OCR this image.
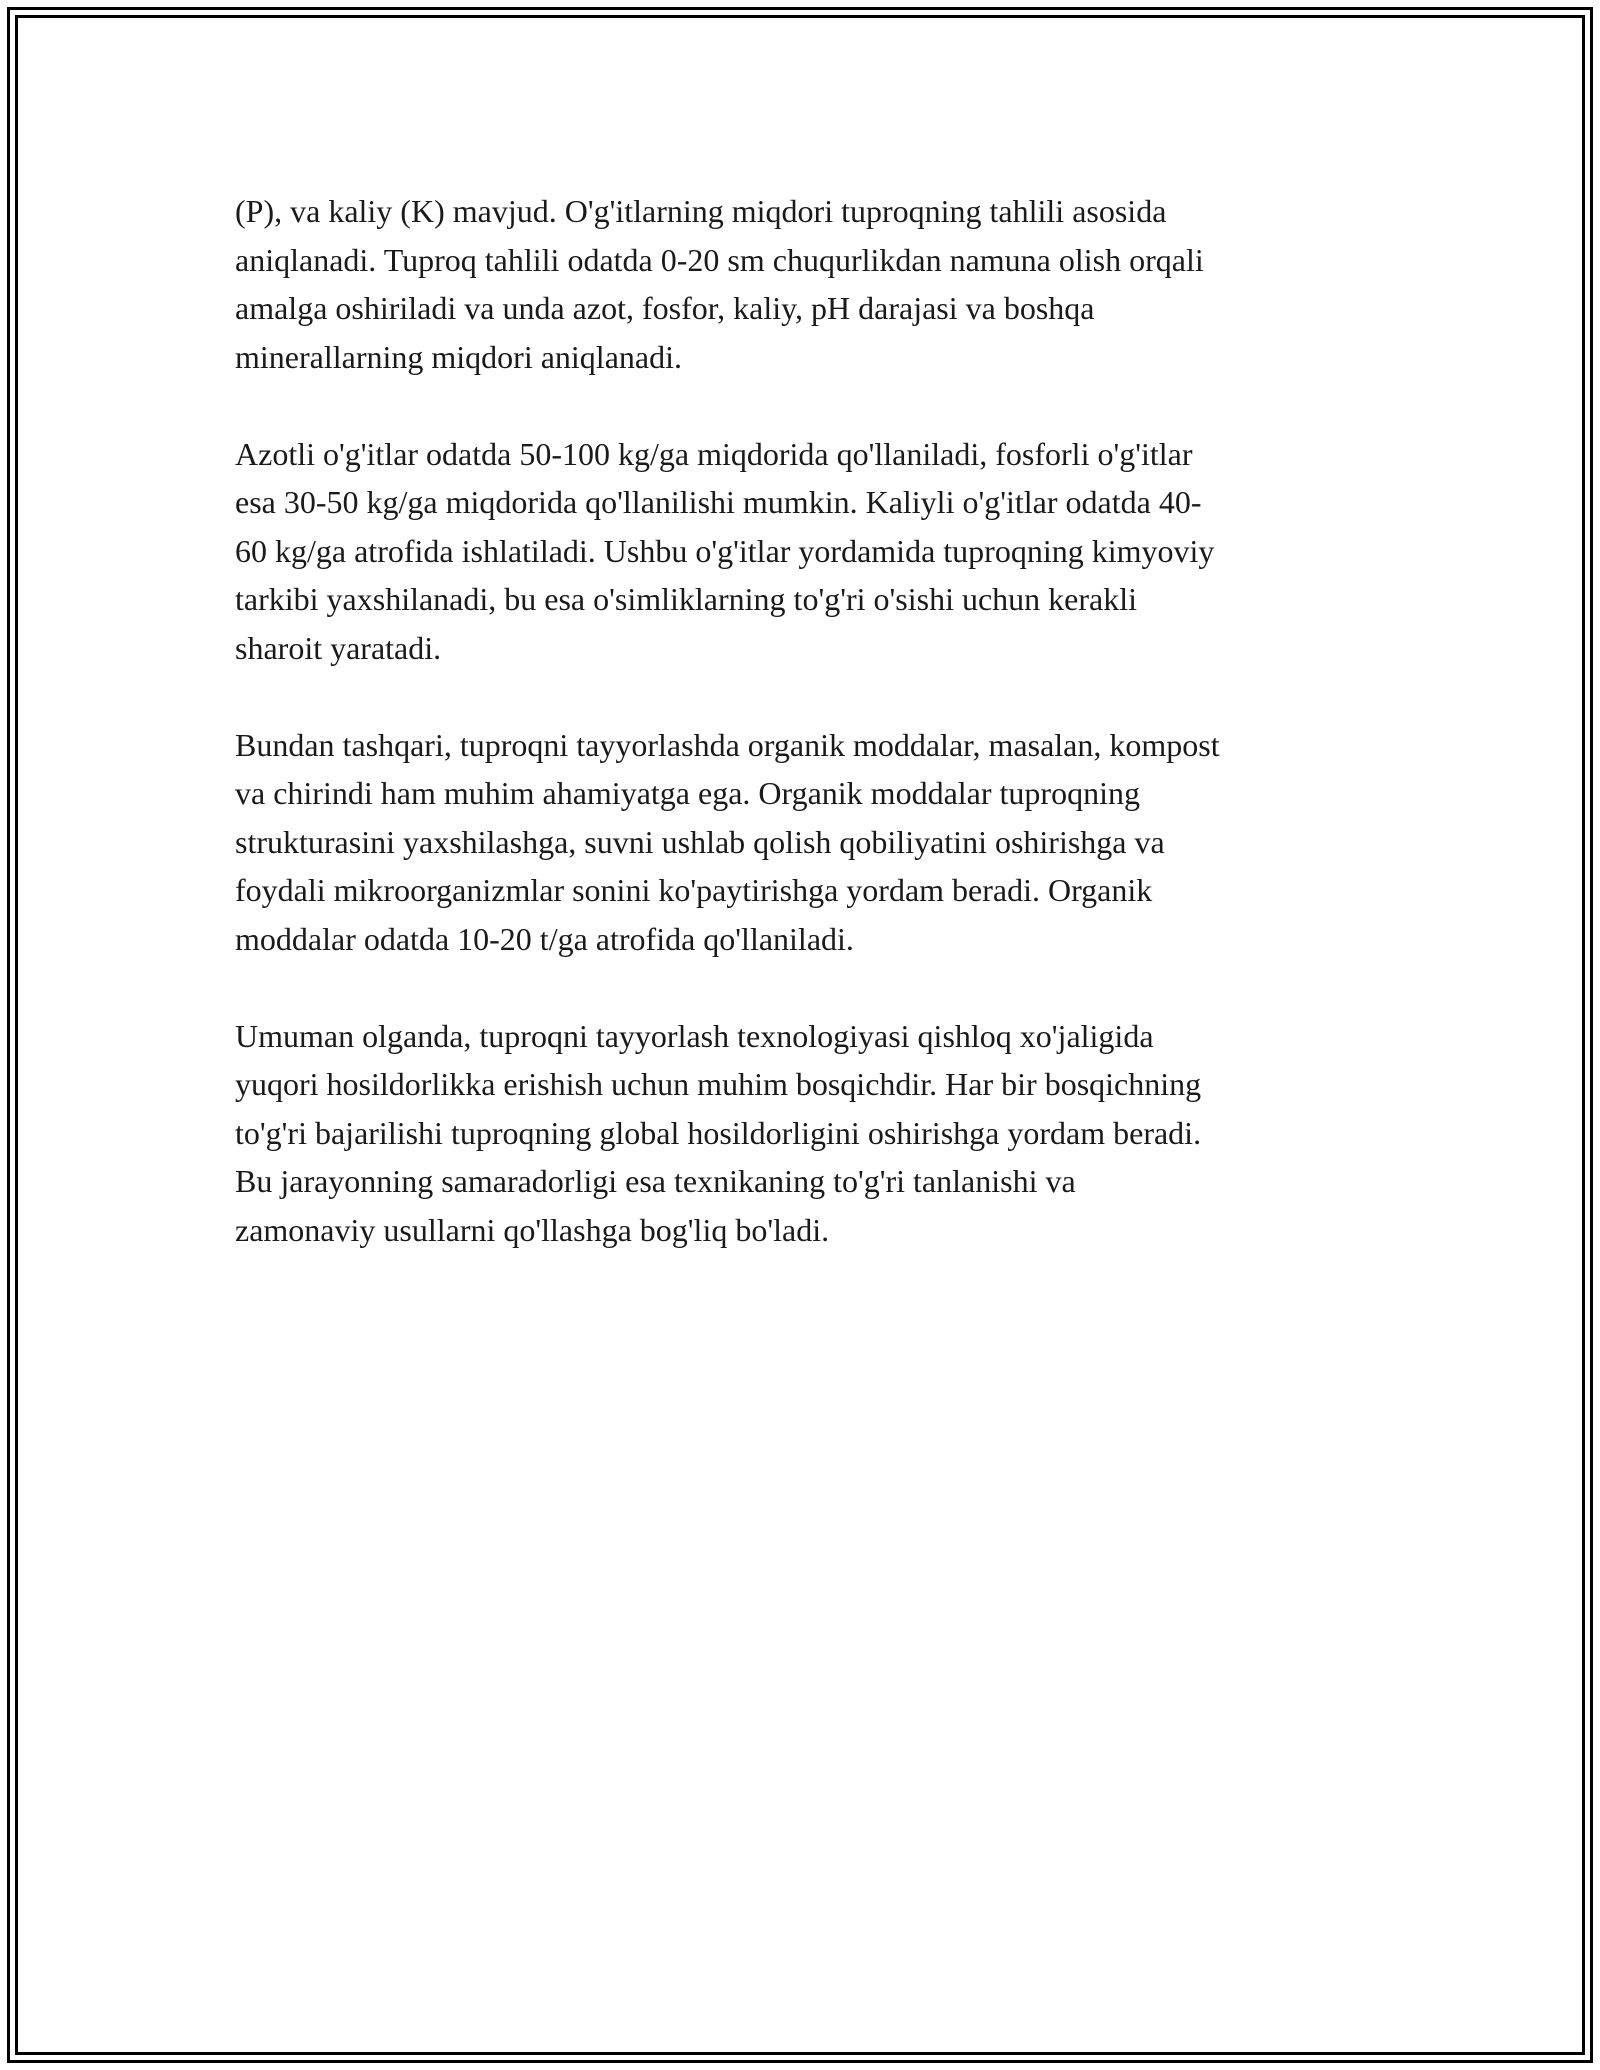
(P), va kaliy (K) mavjud. O'g'itlarning miqdori tuproqning tahlili asosida
aniqlanadi. Tuproq tahlili odatda 0-20 sm chuqurlikdan namuna olish orqali
amalga oshiriladi va unda azot, fosfor, kaliy, pH darajasi va boshqa
minerallarning miqdori aniqlanadi.

Azotli o'g'itlar odatda 50-100 kg/ga miqdorida qo'llaniladi, fosforli o'g'itlar
esa 30-50 kg/ga miqdorida qo'llanilishi mumkin. Kaliyli o'g'itlar odatda 40-
60 kg/ga atrofida ishlatiladi. Ushbu o'g'itlar yordamida tuproqning kimyoviy
tarkibi yaxshilanadi, bu esa o'simliklarning to'g'ri o'sishi uchun kerakli
sharoit yaratadi.

Bundan tashqari, tuproqni tayyorlashda organik moddalar, masalan, kompost
va chirindi ham muhim ahamiyatga ega. Organik moddalar tuproqning
strukturasini yaxshilashga, suvni ushlab qolish qobiliyatini oshirishga va
foydali mikroorganizmlar sonini ko'paytirishga yordam beradi. Organik
moddalar odatda 10-20 t/ga atrofida qo'llaniladi.

Umuman olganda, tuproqni tayyorlash texnologiyasi qishloq xo'jaligida
yuqori hosildorlikka erishish uchun muhim bosqichdir. Har bir bosqichning
to'g'ri bajarilishi tuproqning global hosildorligini oshirishga yordam beradi.
Bu jarayonning samaradorligi esa texnikaning to'g'ri tanlanishi va
zamonaviy usullarni qo'llashga bog'liq bo'ladi.
